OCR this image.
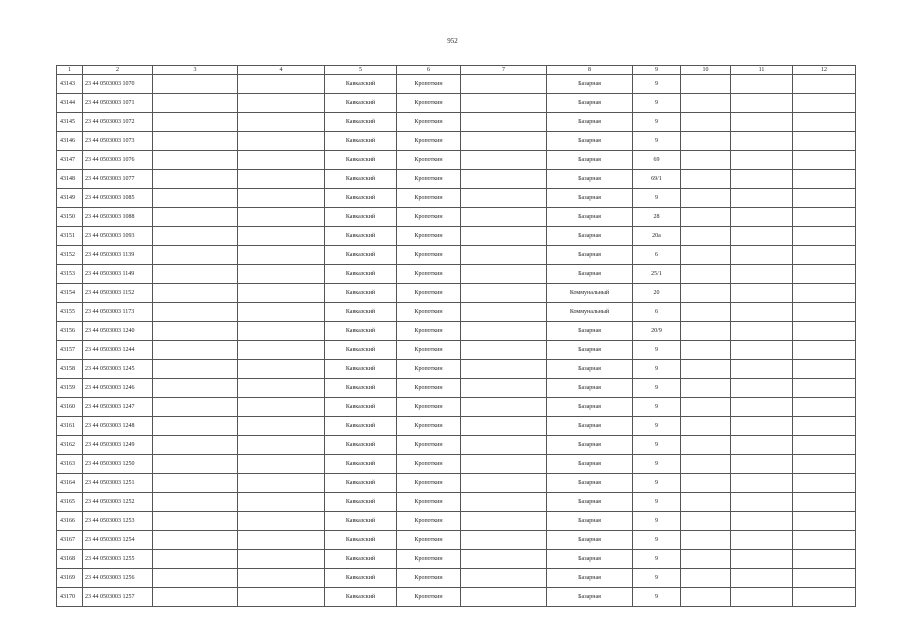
952
1	2	3	4	5	6	7	8	9	10	11	12
43143	23 44 0503003 1070			Кавказский	Кропоткин		Базарная	9			
43144	23 44 0503003 1071			Кавказский	Кропоткин		Базарная	9			
43145	23 44 0503003 1072			Кавказский	Кропоткин		Базарная	9			
43146	23 44 0503003 1073			Кавказский	Кропоткин		Базарная	9			
43147	23 44 0503003 1076			Кавказский	Кропоткин		Базарная	69			
43148	23 44 0503003 1077			Кавказский	Кропоткин		Базарная	69/1			
43149	23 44 0503003 1085			Кавказский	Кропоткин		Базарная	9			
43150	23 44 0503003 1088			Кавказский	Кропоткин		Базарная	28			
43151	23 44 0503003 1093			Кавказский	Кропоткин		Базарная	20а			
43152	23 44 0503003 1139			Кавказский	Кропоткин		Базарная	6			
43153	23 44 0503003 1149			Кавказский	Кропоткин		Базарная	25/1			
43154	23 44 0503003 1152			Кавказский	Кропоткин		Коммунальный	20			
43155	23 44 0503003 1173			Кавказский	Кропоткин		Коммунальный	6			
43156	23 44 0503003 1240			Кавказский	Кропоткин		Базарная	20/9			
43157	23 44 0503003 1244			Кавказский	Кропоткин		Базарная	9			
43158	23 44 0503003 1245			Кавказский	Кропоткин		Базарная	9			
43159	23 44 0503003 1246			Кавказский	Кропоткин		Базарная	9			
43160	23 44 0503003 1247			Кавказский	Кропоткин		Базарная	9			
43161	23 44 0503003 1248			Кавказский	Кропоткин		Базарная	9			
43162	23 44 0503003 1249			Кавказский	Кропоткин		Базарная	9			
43163	23 44 0503003 1250			Кавказский	Кропоткин		Базарная	9			
43164	23 44 0503003 1251			Кавказский	Кропоткин		Базарная	9			
43165	23 44 0503003 1252			Кавказский	Кропоткин		Базарная	9			
43166	23 44 0503003 1253			Кавказский	Кропоткин		Базарная	9			
43167	23 44 0503003 1254			Кавказский	Кропоткин		Базарная	9			
43168	23 44 0503003 1255			Кавказский	Кропоткин		Базарная	9			
43169	23 44 0503003 1256			Кавказский	Кропоткин		Базарная	9			
43170	23 44 0503003 1257			Кавказский	Кропоткин		Базарная	9			
